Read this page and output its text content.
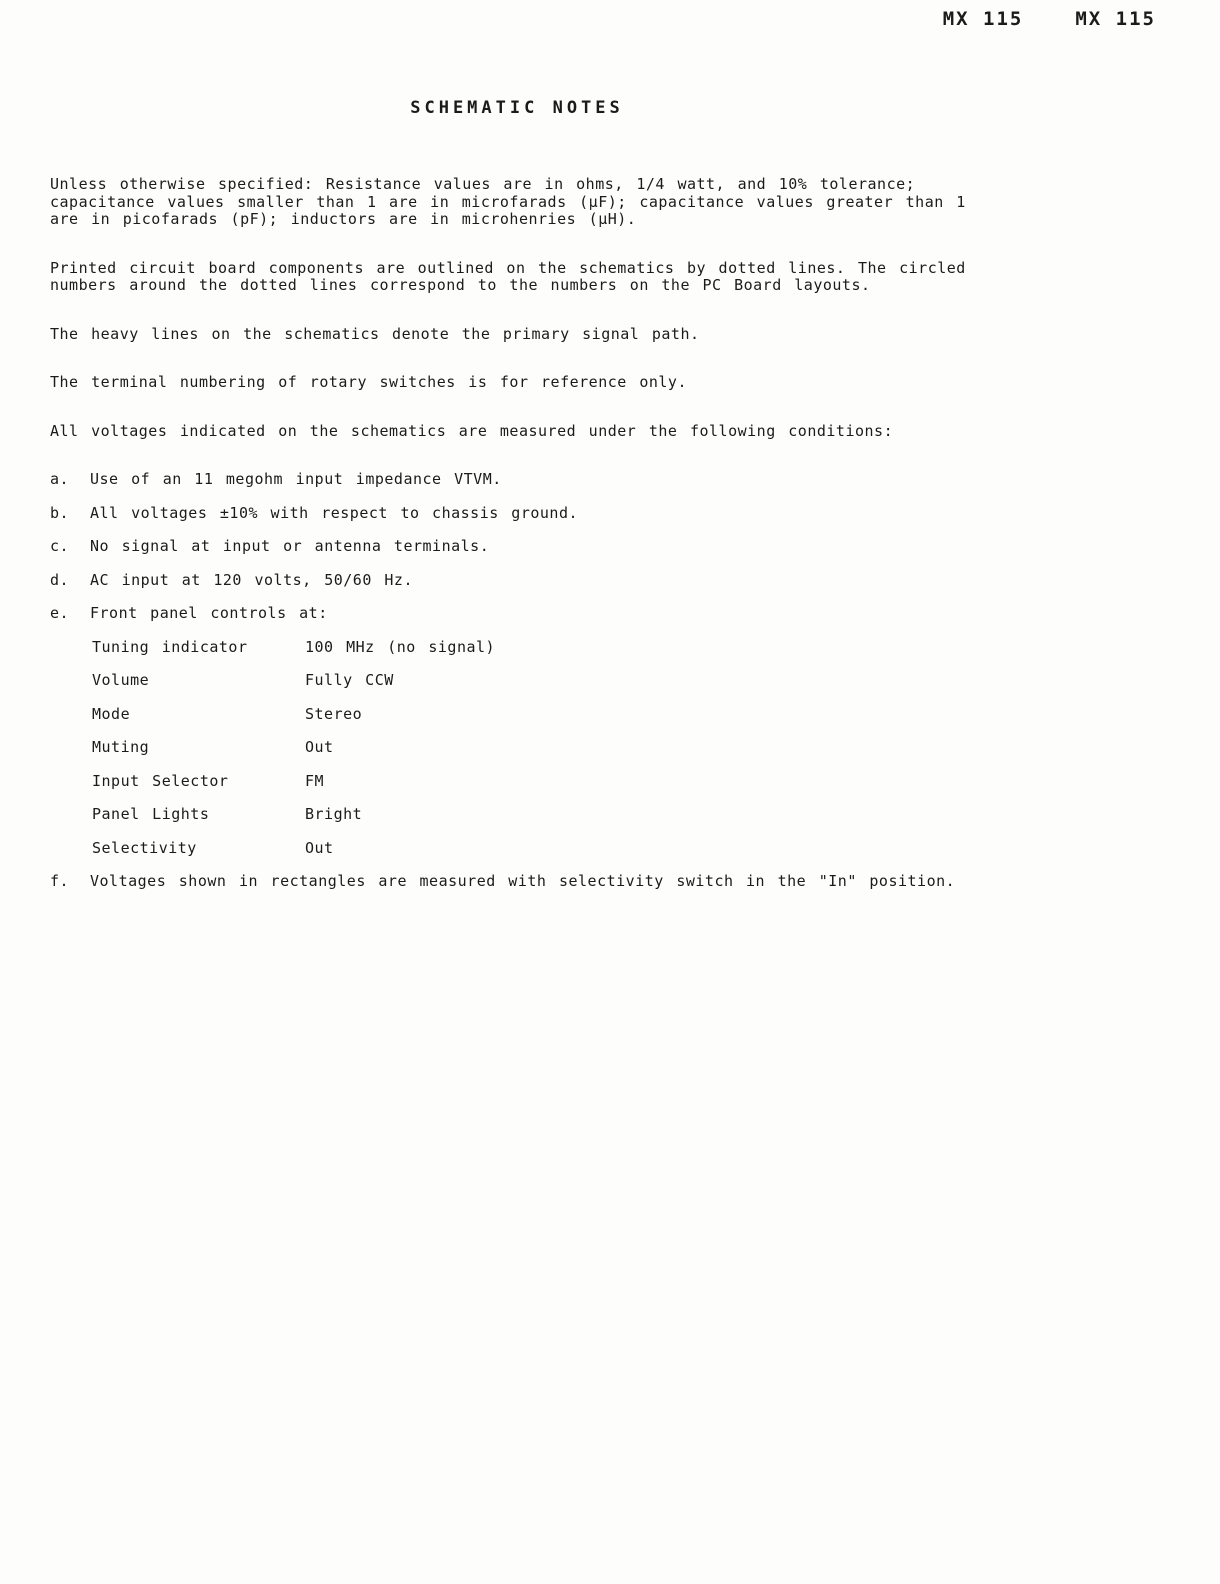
MX 115	MX 115
SCHEMATIC NOTES

Unless otherwise specified: Resistance values are in ohms, 1/4 watt, and 10% tolerance; capacitance values smaller than 1 are in microfarads (µF); capacitance values greater than 1 are in picofarads (pF); inductors are in microhenries (µH).

Printed circuit board components are outlined on the schematics by dotted lines. The circled numbers around the dotted lines correspond to the numbers on the PC Board layouts.

The heavy lines on the schematics denote the primary signal path.

The terminal numbering of rotary switches is for reference only.

All voltages indicated on the schematics are measured under the following conditions:

a.	Use of an 11 megohm input impedance VTVM.
b.	All voltages ±10% with respect to chassis ground.
c.	No signal at input or antenna terminals.
d.	AC input at 120 volts, 50/60 Hz.
e.	Front panel controls at:
Tuning indicator	100 MHz (no signal)
Volume	Fully CCW
Mode	Stereo
Muting	Out
Input Selector	FM
Panel Lights	Bright
Selectivity	Out
f.	Voltages shown in rectangles are measured with selectivity switch in the "In" position.
